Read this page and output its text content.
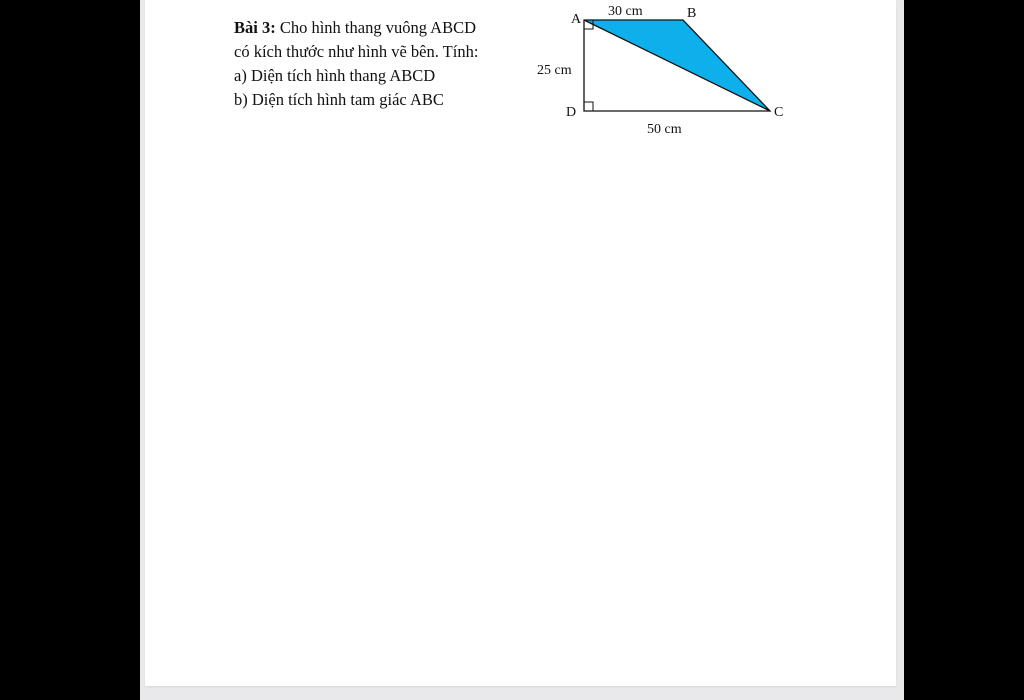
Bài 3: Cho hình thang vuông ABCD
có kích thước như hình vẽ bên. Tính:
a) Diện tích hình thang ABCD
b) Diện tích hình tam giác ABC
A	B
C
D
30 cm
25 cm
50 cm
